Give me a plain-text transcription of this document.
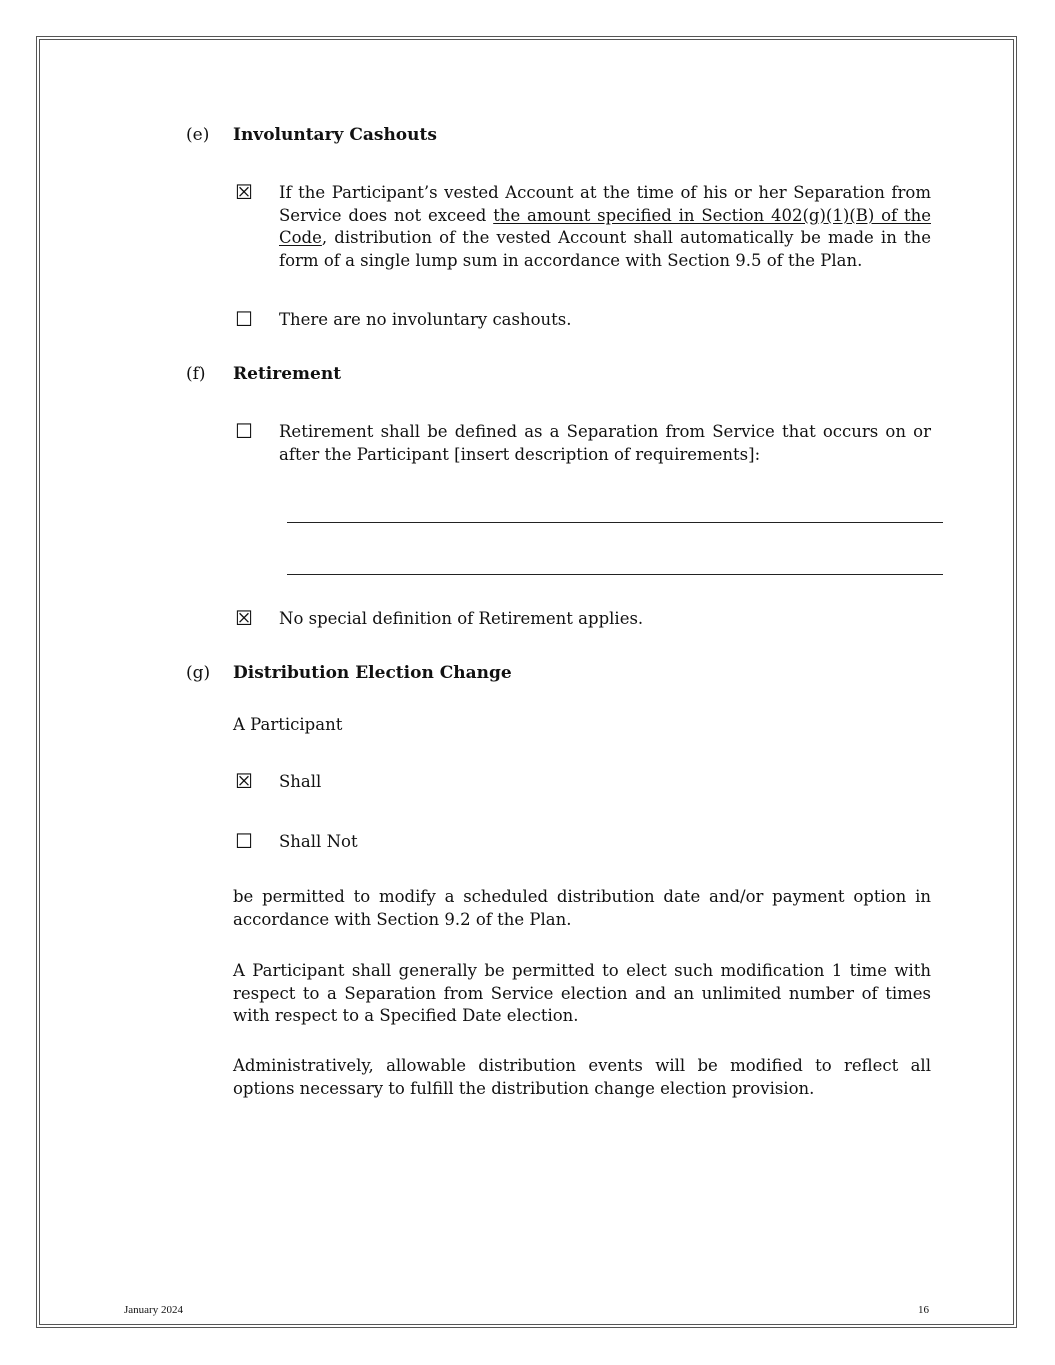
(e) Involuntary Cashouts
☒ If the Participant’s vested Account at the time of his or her Separation from Service does not exceed the amount specified in Section 402(g)(1)(B) of the Code, distribution of the vested Account shall automatically be made in the form of a single lump sum in accordance with Section 9.5 of the Plan.
☐ There are no involuntary cashouts.
(f) Retirement
☐ Retirement shall be defined as a Separation from Service that occurs on or after the Participant [insert description of requirements]:
☒ No special definition of Retirement applies.
(g) Distribution Election Change
A Participant
☒ Shall
☐ Shall Not
be permitted to modify a scheduled distribution date and/or payment option in accordance with Section 9.2 of the Plan.
A Participant shall generally be permitted to elect such modification 1 time with respect to a Separation from Service election and an unlimited number of times with respect to a Specified Date election.
Administratively, allowable distribution events will be modified to reflect all options necessary to fulfill the distribution change election provision.
January 2024	16
